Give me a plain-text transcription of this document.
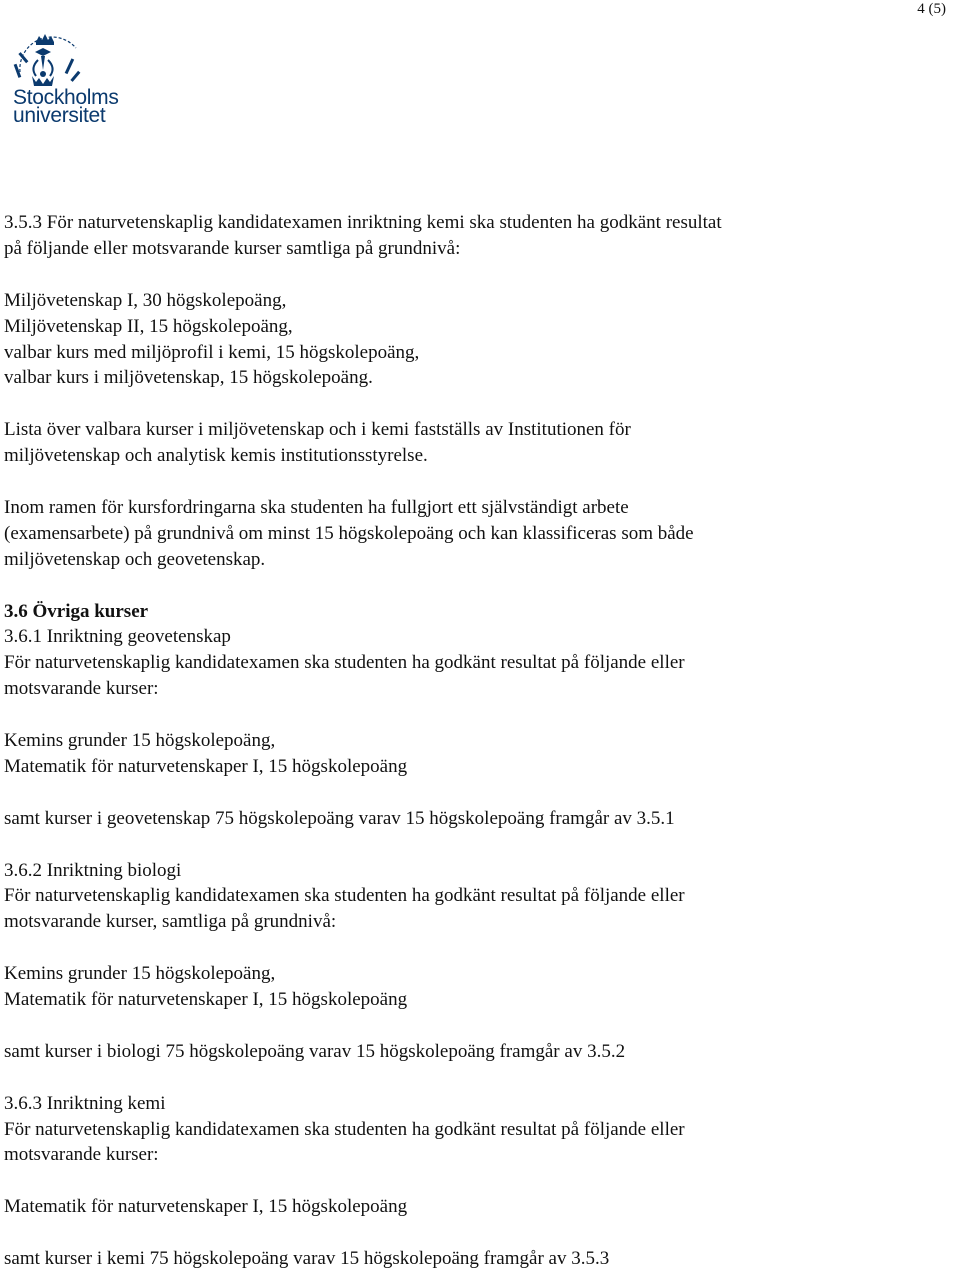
4 (5)
Stockholms
universitet

3.5.3 För naturvetenskaplig kandidatexamen inriktning kemi ska studenten ha godkänt resultat

på följande eller motsvarande kurser samtliga på grundnivå:

Miljövetenskap I, 30 högskolepoäng,

Miljövetenskap II, 15 högskolepoäng,

valbar kurs med miljöprofil i kemi, 15 högskolepoäng,

valbar kurs i miljövetenskap, 15 högskolepoäng.

Lista över valbara kurser i miljövetenskap och i kemi fastställs av Institutionen för

miljövetenskap och analytisk kemis institutionsstyrelse.

Inom ramen för kursfordringarna ska studenten ha fullgjort ett självständigt arbete

(examensarbete) på grundnivå om minst 15 högskolepoäng och kan klassificeras som både

miljövetenskap och geovetenskap.

3.6 Övriga kurser

3.6.1 Inriktning geovetenskap

För naturvetenskaplig kandidatexamen ska studenten ha godkänt resultat på följande eller

motsvarande kurser:

Kemins grunder 15 högskolepoäng,

Matematik för naturvetenskaper I, 15 högskolepoäng

samt kurser i geovetenskap 75 högskolepoäng varav 15 högskolepoäng framgår av 3.5.1

3.6.2 Inriktning biologi

För naturvetenskaplig kandidatexamen ska studenten ha godkänt resultat på följande eller

motsvarande kurser, samtliga på grundnivå:

Kemins grunder 15 högskolepoäng,

Matematik för naturvetenskaper I, 15 högskolepoäng

samt kurser i biologi 75 högskolepoäng varav 15 högskolepoäng framgår av 3.5.2

3.6.3 Inriktning kemi

För naturvetenskaplig kandidatexamen ska studenten ha godkänt resultat på följande eller

motsvarande kurser:

Matematik för naturvetenskaper I, 15 högskolepoäng

samt kurser i kemi 75 högskolepoäng varav 15 högskolepoäng framgår av 3.5.3
